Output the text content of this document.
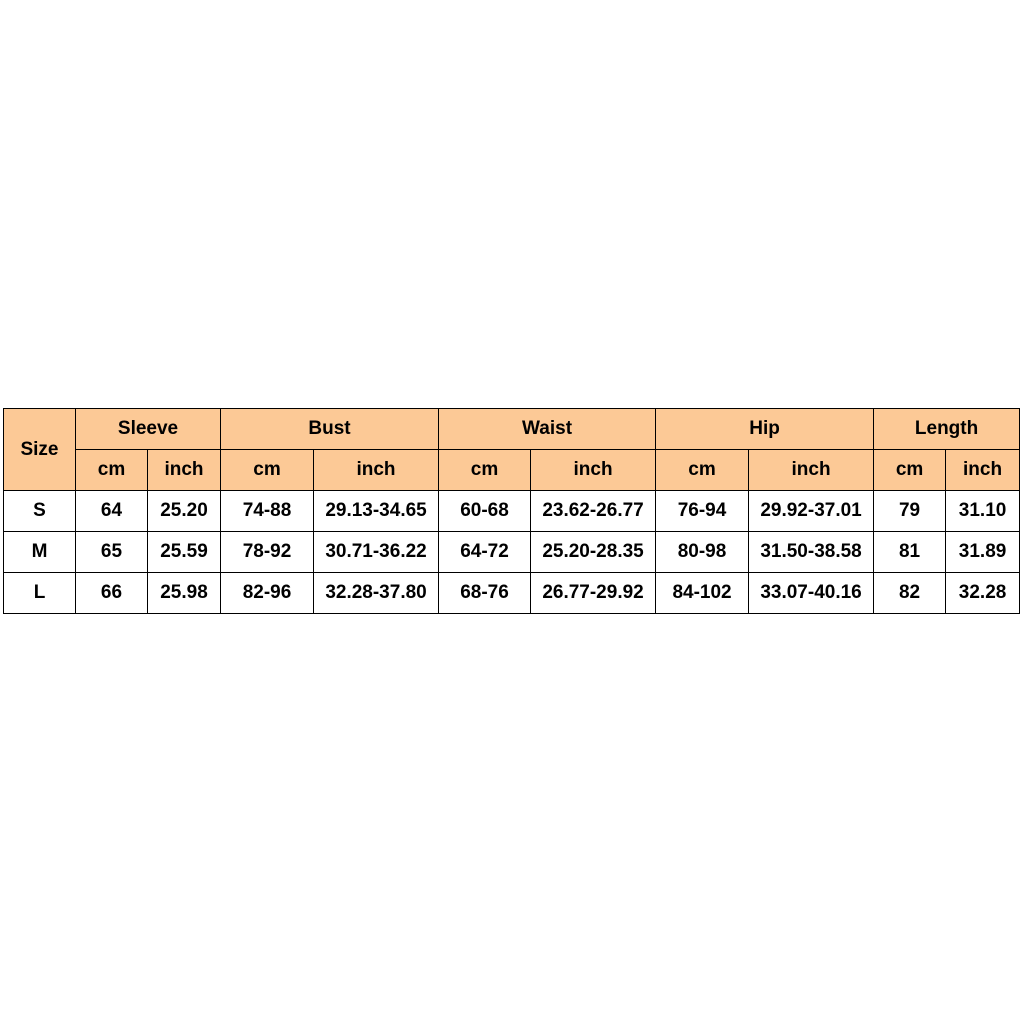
Size	Sleeve		Bust		Waist		Hip		Length	
	cm	inch	cm	inch	cm	inch	cm	inch	cm	inch
S	64	25.20	74-88	29.13-34.65	60-68	23.62-26.77	76-94	29.92-37.01	79	31.10
M	65	25.59	78-92	30.71-36.22	64-72	25.20-28.35	80-98	31.50-38.58	81	31.89
L	66	25.98	82-96	32.28-37.80	68-76	26.77-29.92	84-102	33.07-40.16	82	32.28
